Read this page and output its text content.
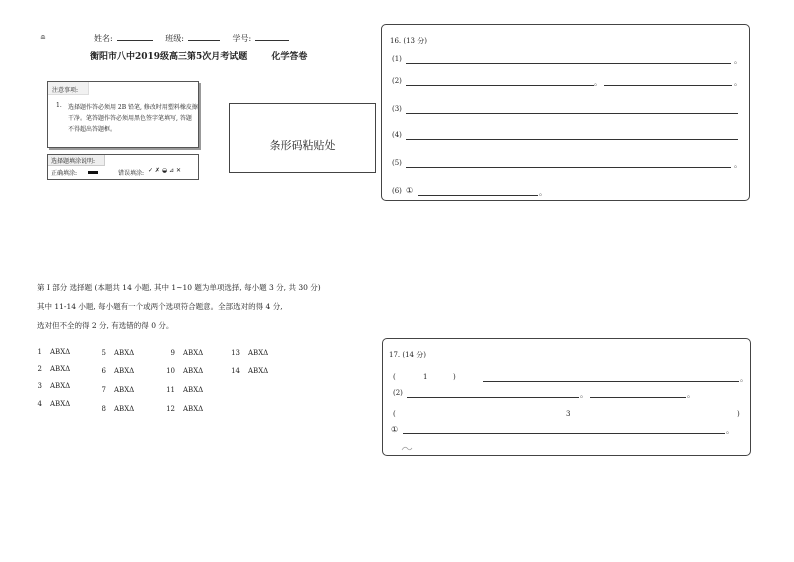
≘	姓名:	班级:	学号:
衡阳市八中2019级高三第5次月考试题	化学答卷
注意事项:
1. 选择题作答必须用 2B 铅笔, 修改时用塑料橡皮擦
干净。笔答题作答必须用黑色签字笔填写, 答题
不得超出答题框。
选择题填涂说明:
正确填涂:	错误填涂: ✓ ✗ ◒ ⊿ ✕
条形码粘贴处
16. (13 分)
(1)	。
(2)	。	。
(3)
(4)
(5)	。
(6) ①	。
第 I 部分 选择题 (本题共 14 小题, 其中 1~10 题为单项选择, 每小题 3 分, 共 30 分)
其中 11-14 小题, 每小题有一个或两个选项符合题意。全部选对的得 4 分,
选对但不全的得 2 分, 有选错的得 0 分。
1 ABXΔ
2 ABXΔ
3 ABXΔ
4 ABXΔ
5 ABXΔ
6 ABXΔ
7 ABXΔ
8 ABXΔ
9 ABXΔ
10 ABXΔ
11 ABXΔ
12 ABXΔ
13 ABXΔ
14 ABXΔ
17. (14 分)
(	1	)	。
(2)	。	。
(	3	)
①	。
